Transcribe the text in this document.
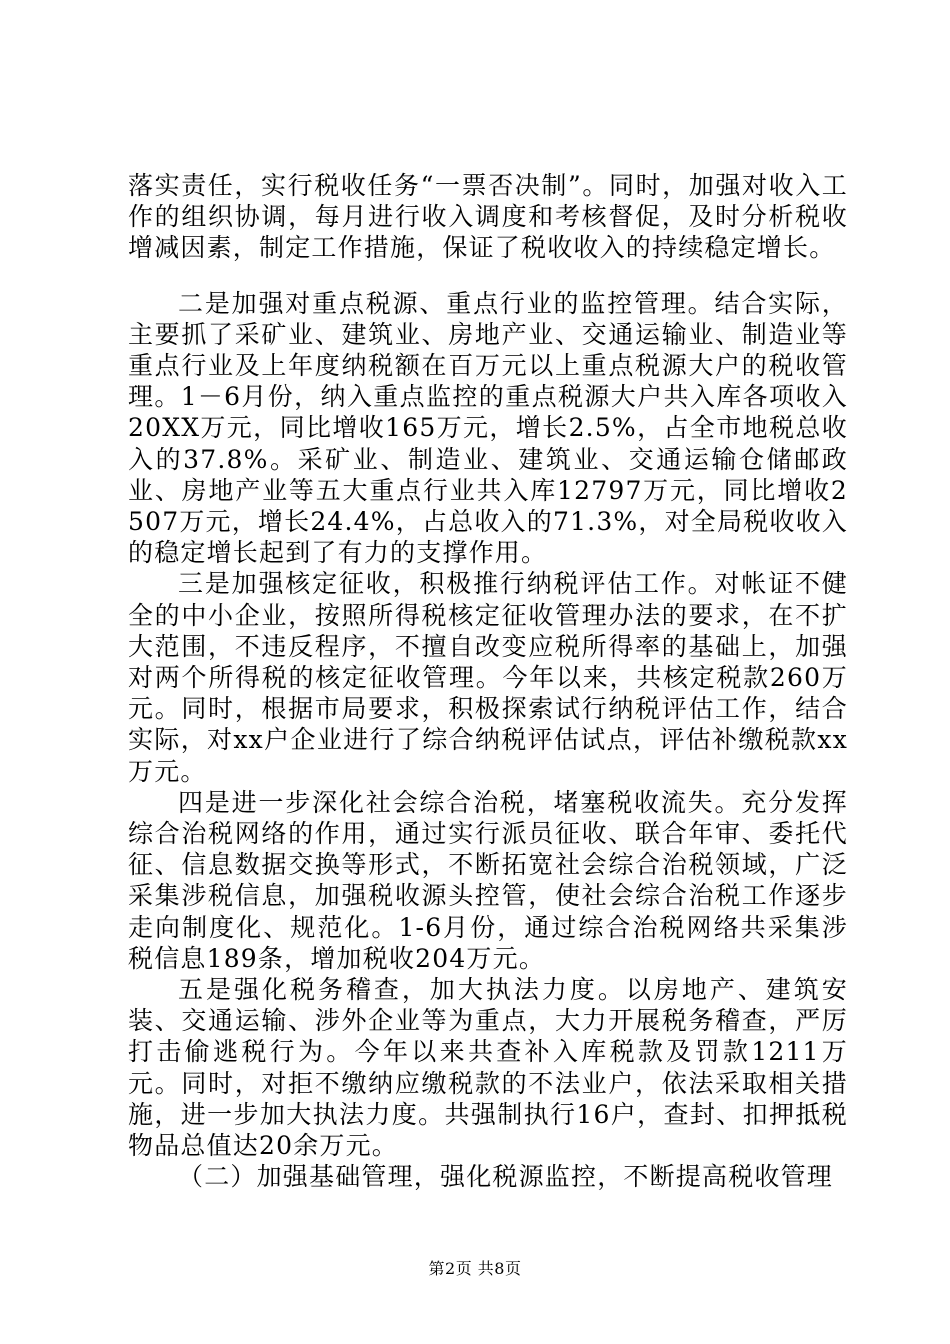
落实责任，实行税收任务“一票否决制”。同时，加强对收入工作的组织协调，每月进行收入调度和考核督促，及时分析税收增减因素，制定工作措施，保证了税收收入的持续稳定增长。

二是加强对重点税源、重点行业的监控管理。结合实际，主要抓了采矿业、建筑业、房地产业、交通运输业、制造业等重点行业及上年度纳税额在百万元以上重点税源大户的税收管理。1－6月份，纳入重点监控的重点税源大户共入库各项收入20XX万元，同比增收165万元，增长2.5%，占全市地税总收入的37.8%。采矿业、制造业、建筑业、交通运输仓储邮政业、房地产业等五大重点行业共入库12797万元，同比增收2507万元，增长24.4%，占总收入的71.3%，对全局税收收入的稳定增长起到了有力的支撑作用。

三是加强核定征收，积极推行纳税评估工作。对帐证不健全的中小企业，按照所得税核定征收管理办法的要求，在不扩大范围，不违反程序，不擅自改变应税所得率的基础上，加强对两个所得税的核定征收管理。今年以来，共核定税款260万元。同时，根据市局要求，积极探索试行纳税评估工作，结合实际，对xx户企业进行了综合纳税评估试点，评估补缴税款xx万元。

四是进一步深化社会综合治税，堵塞税收流失。充分发挥综合治税网络的作用，通过实行派员征收、联合年审、委托代征、信息数据交换等形式，不断拓宽社会综合治税领域，广泛采集涉税信息，加强税收源头控管，使社会综合治税工作逐步走向制度化、规范化。1-6月份，通过综合治税网络共采集涉税信息189条，增加税收204万元。

五是强化税务稽查，加大执法力度。以房地产、建筑安装、交通运输、涉外企业等为重点，大力开展税务稽查，严厉打击偷逃税行为。今年以来共查补入库税款及罚款1211万元。同时，对拒不缴纳应缴税款的不法业户，依法采取相关措施，进一步加大执法力度。共强制执行16户，查封、扣押抵税物品总值达20余万元。

（二）加强基础管理，强化税源监控，不断提高税收管理

第2页 共8页
